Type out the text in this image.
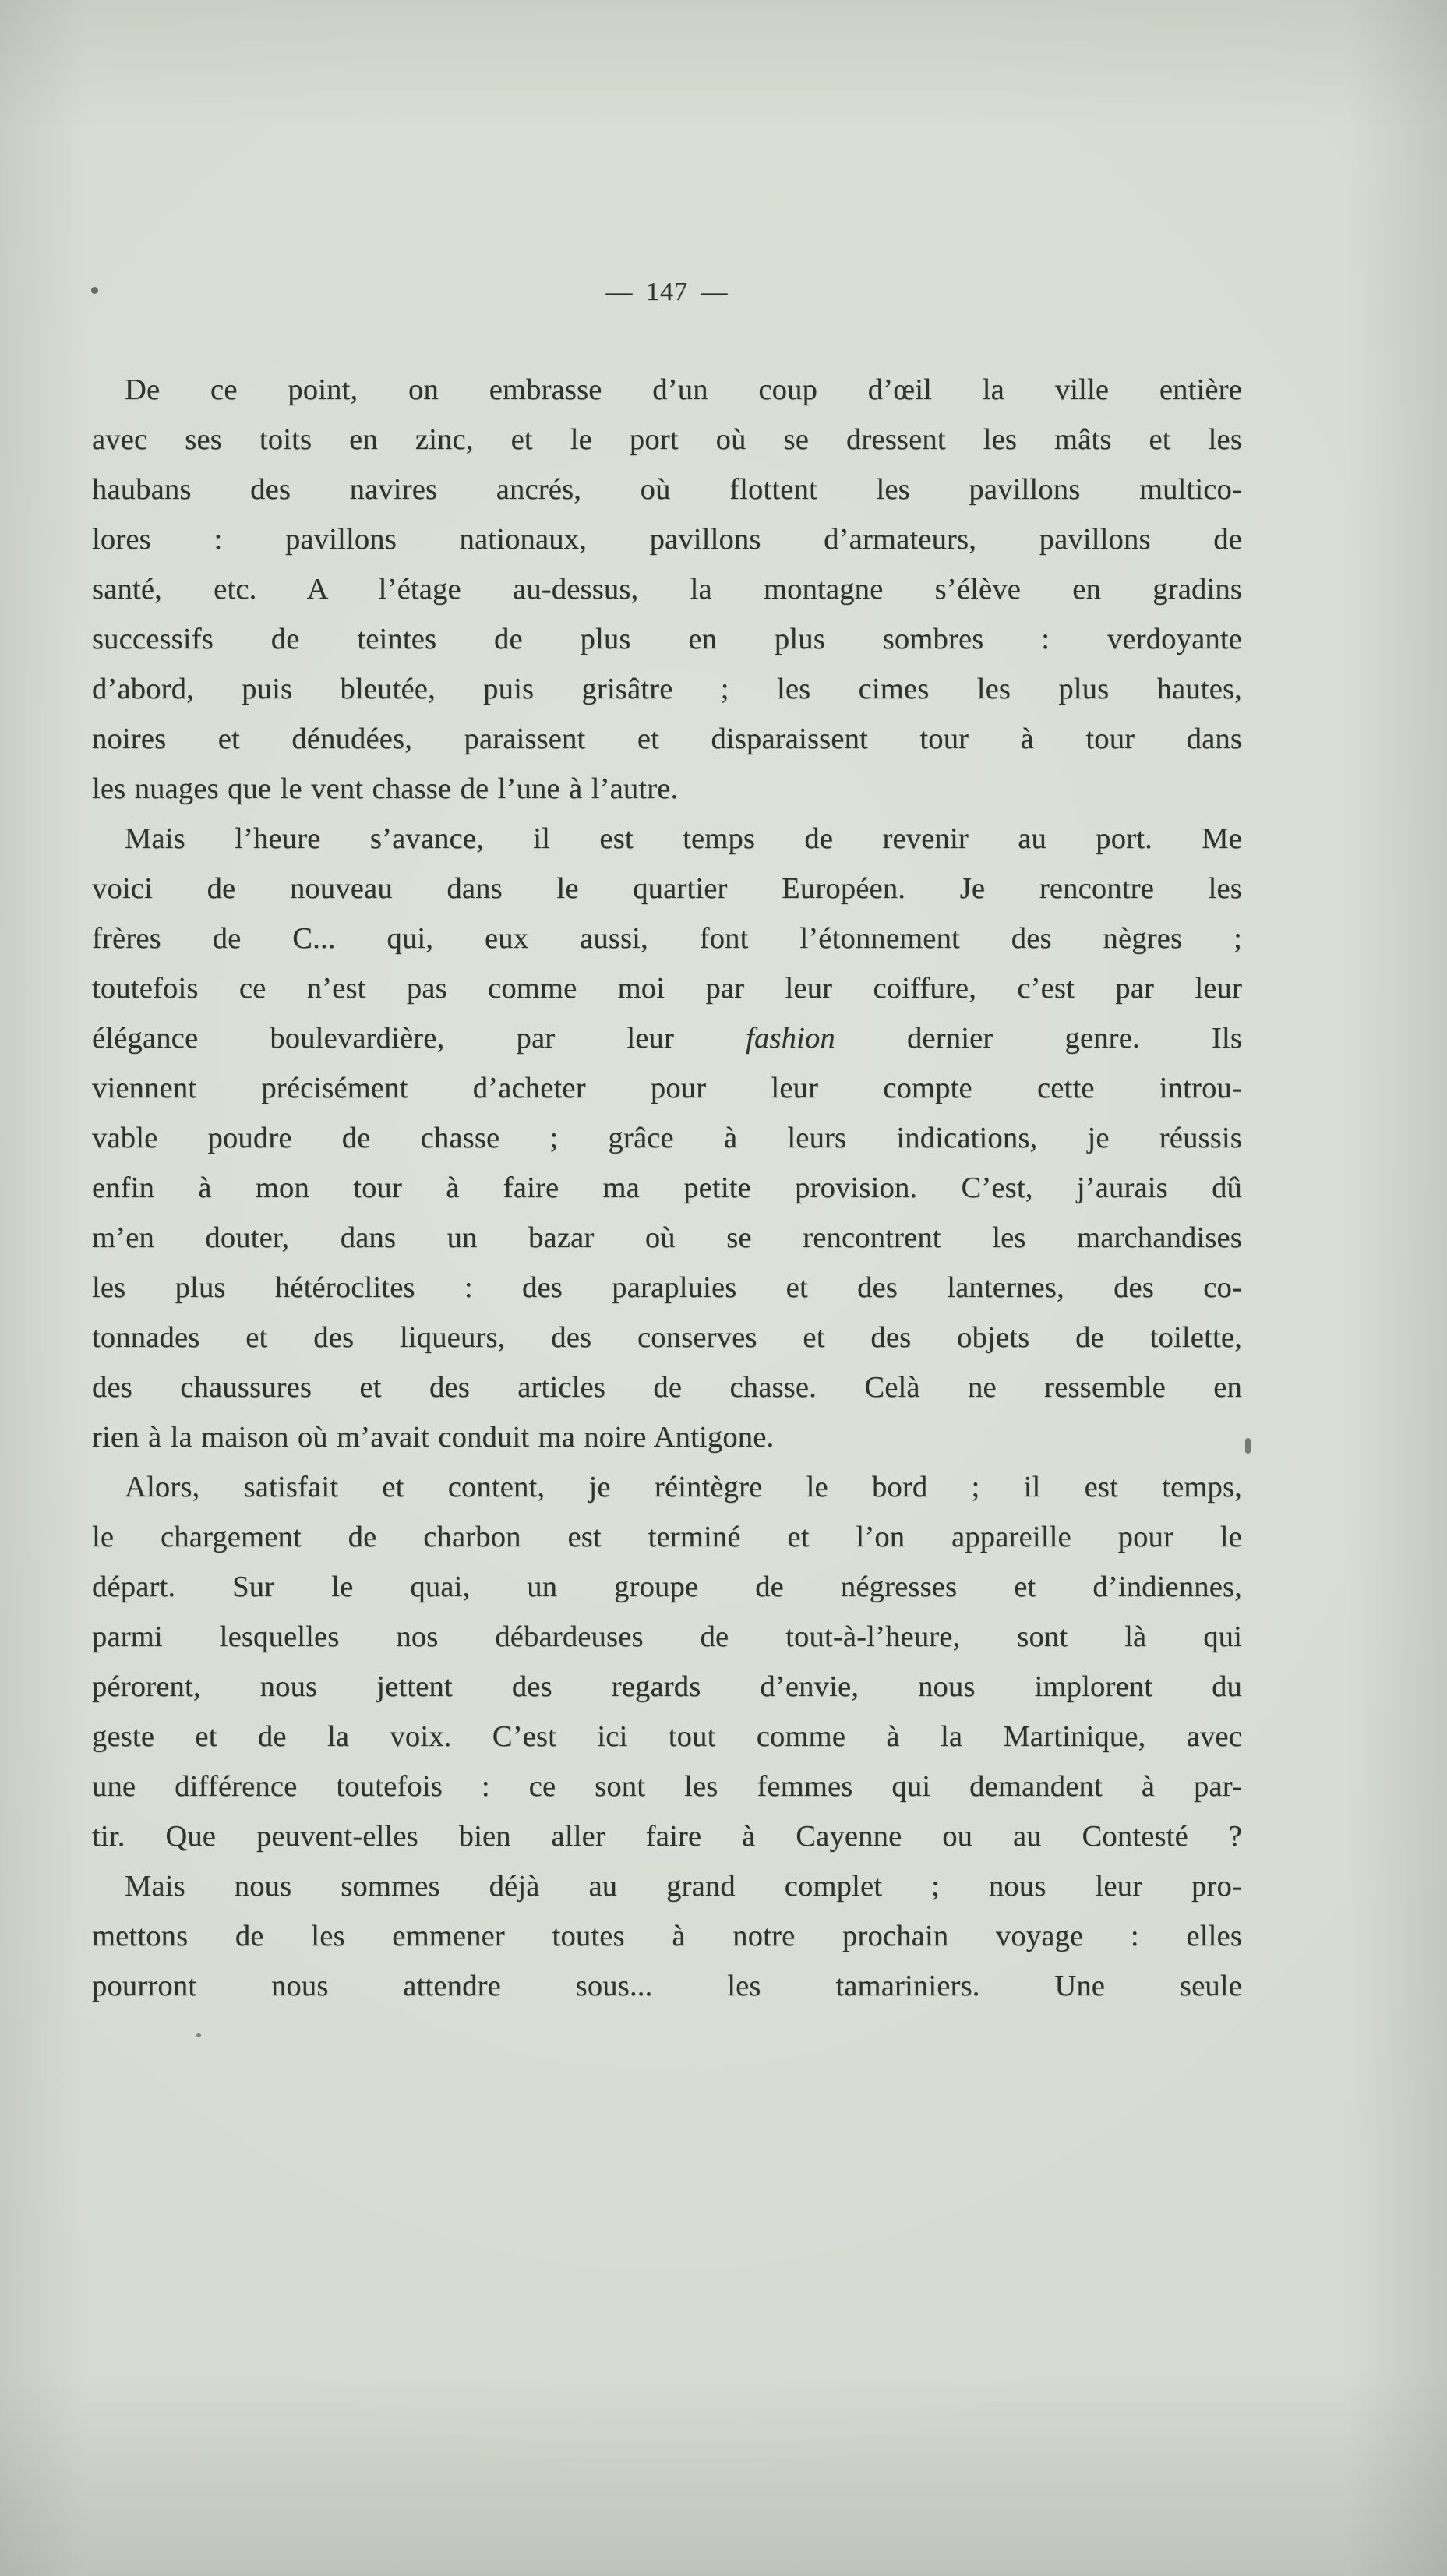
— 147 —
De ce point, on embrasse d’un coup d’œil la ville entière
avec ses toits en zinc, et le port où se dressent les mâts et les
haubans des navires ancrés, où flottent les pavillons multico-
lores : pavillons nationaux, pavillons d’armateurs, pavillons de
santé, etc. A l’étage au-dessus, la montagne s’élève en gradins
successifs de teintes de plus en plus sombres : verdoyante
d’abord, puis bleutée, puis grisâtre ; les cimes les plus hautes,
noires et dénudées, paraissent et disparaissent tour à tour dans
les nuages que le vent chasse de l’une à l’autre.
Mais l’heure s’avance, il est temps de revenir au port. Me
voici de nouveau dans le quartier Européen. Je rencontre les
frères de C... qui, eux aussi, font l’étonnement des nègres ;
toutefois ce n’est pas comme moi par leur coiffure, c’est par leur
élégance boulevardière, par leur fashion dernier genre. Ils
viennent précisément d’acheter pour leur compte cette introu-
vable poudre de chasse ; grâce à leurs indications, je réussis
enfin à mon tour à faire ma petite provision. C’est, j’aurais dû
m’en douter, dans un bazar où se rencontrent les marchandises
les plus hétéroclites : des parapluies et des lanternes, des co-
tonnades et des liqueurs, des conserves et des objets de toilette,
des chaussures et des articles de chasse. Celà ne ressemble en
rien à la maison où m’avait conduit ma noire Antigone.
Alors, satisfait et content, je réintègre le bord ; il est temps,
le chargement de charbon est terminé et l’on appareille pour le
départ. Sur le quai, un groupe de négresses et d’indiennes,
parmi lesquelles nos débardeuses de tout-à-l’heure, sont là qui
pérorent, nous jettent des regards d’envie, nous implorent du
geste et de la voix. C’est ici tout comme à la Martinique, avec
une différence toutefois : ce sont les femmes qui demandent à par-
tir. Que peuvent-elles bien aller faire à Cayenne ou au Contesté ?
Mais nous sommes déjà au grand complet ; nous leur pro-
mettons de les emmener toutes à notre prochain voyage : elles
pourront nous attendre sous... les tamariniers. Une seule
